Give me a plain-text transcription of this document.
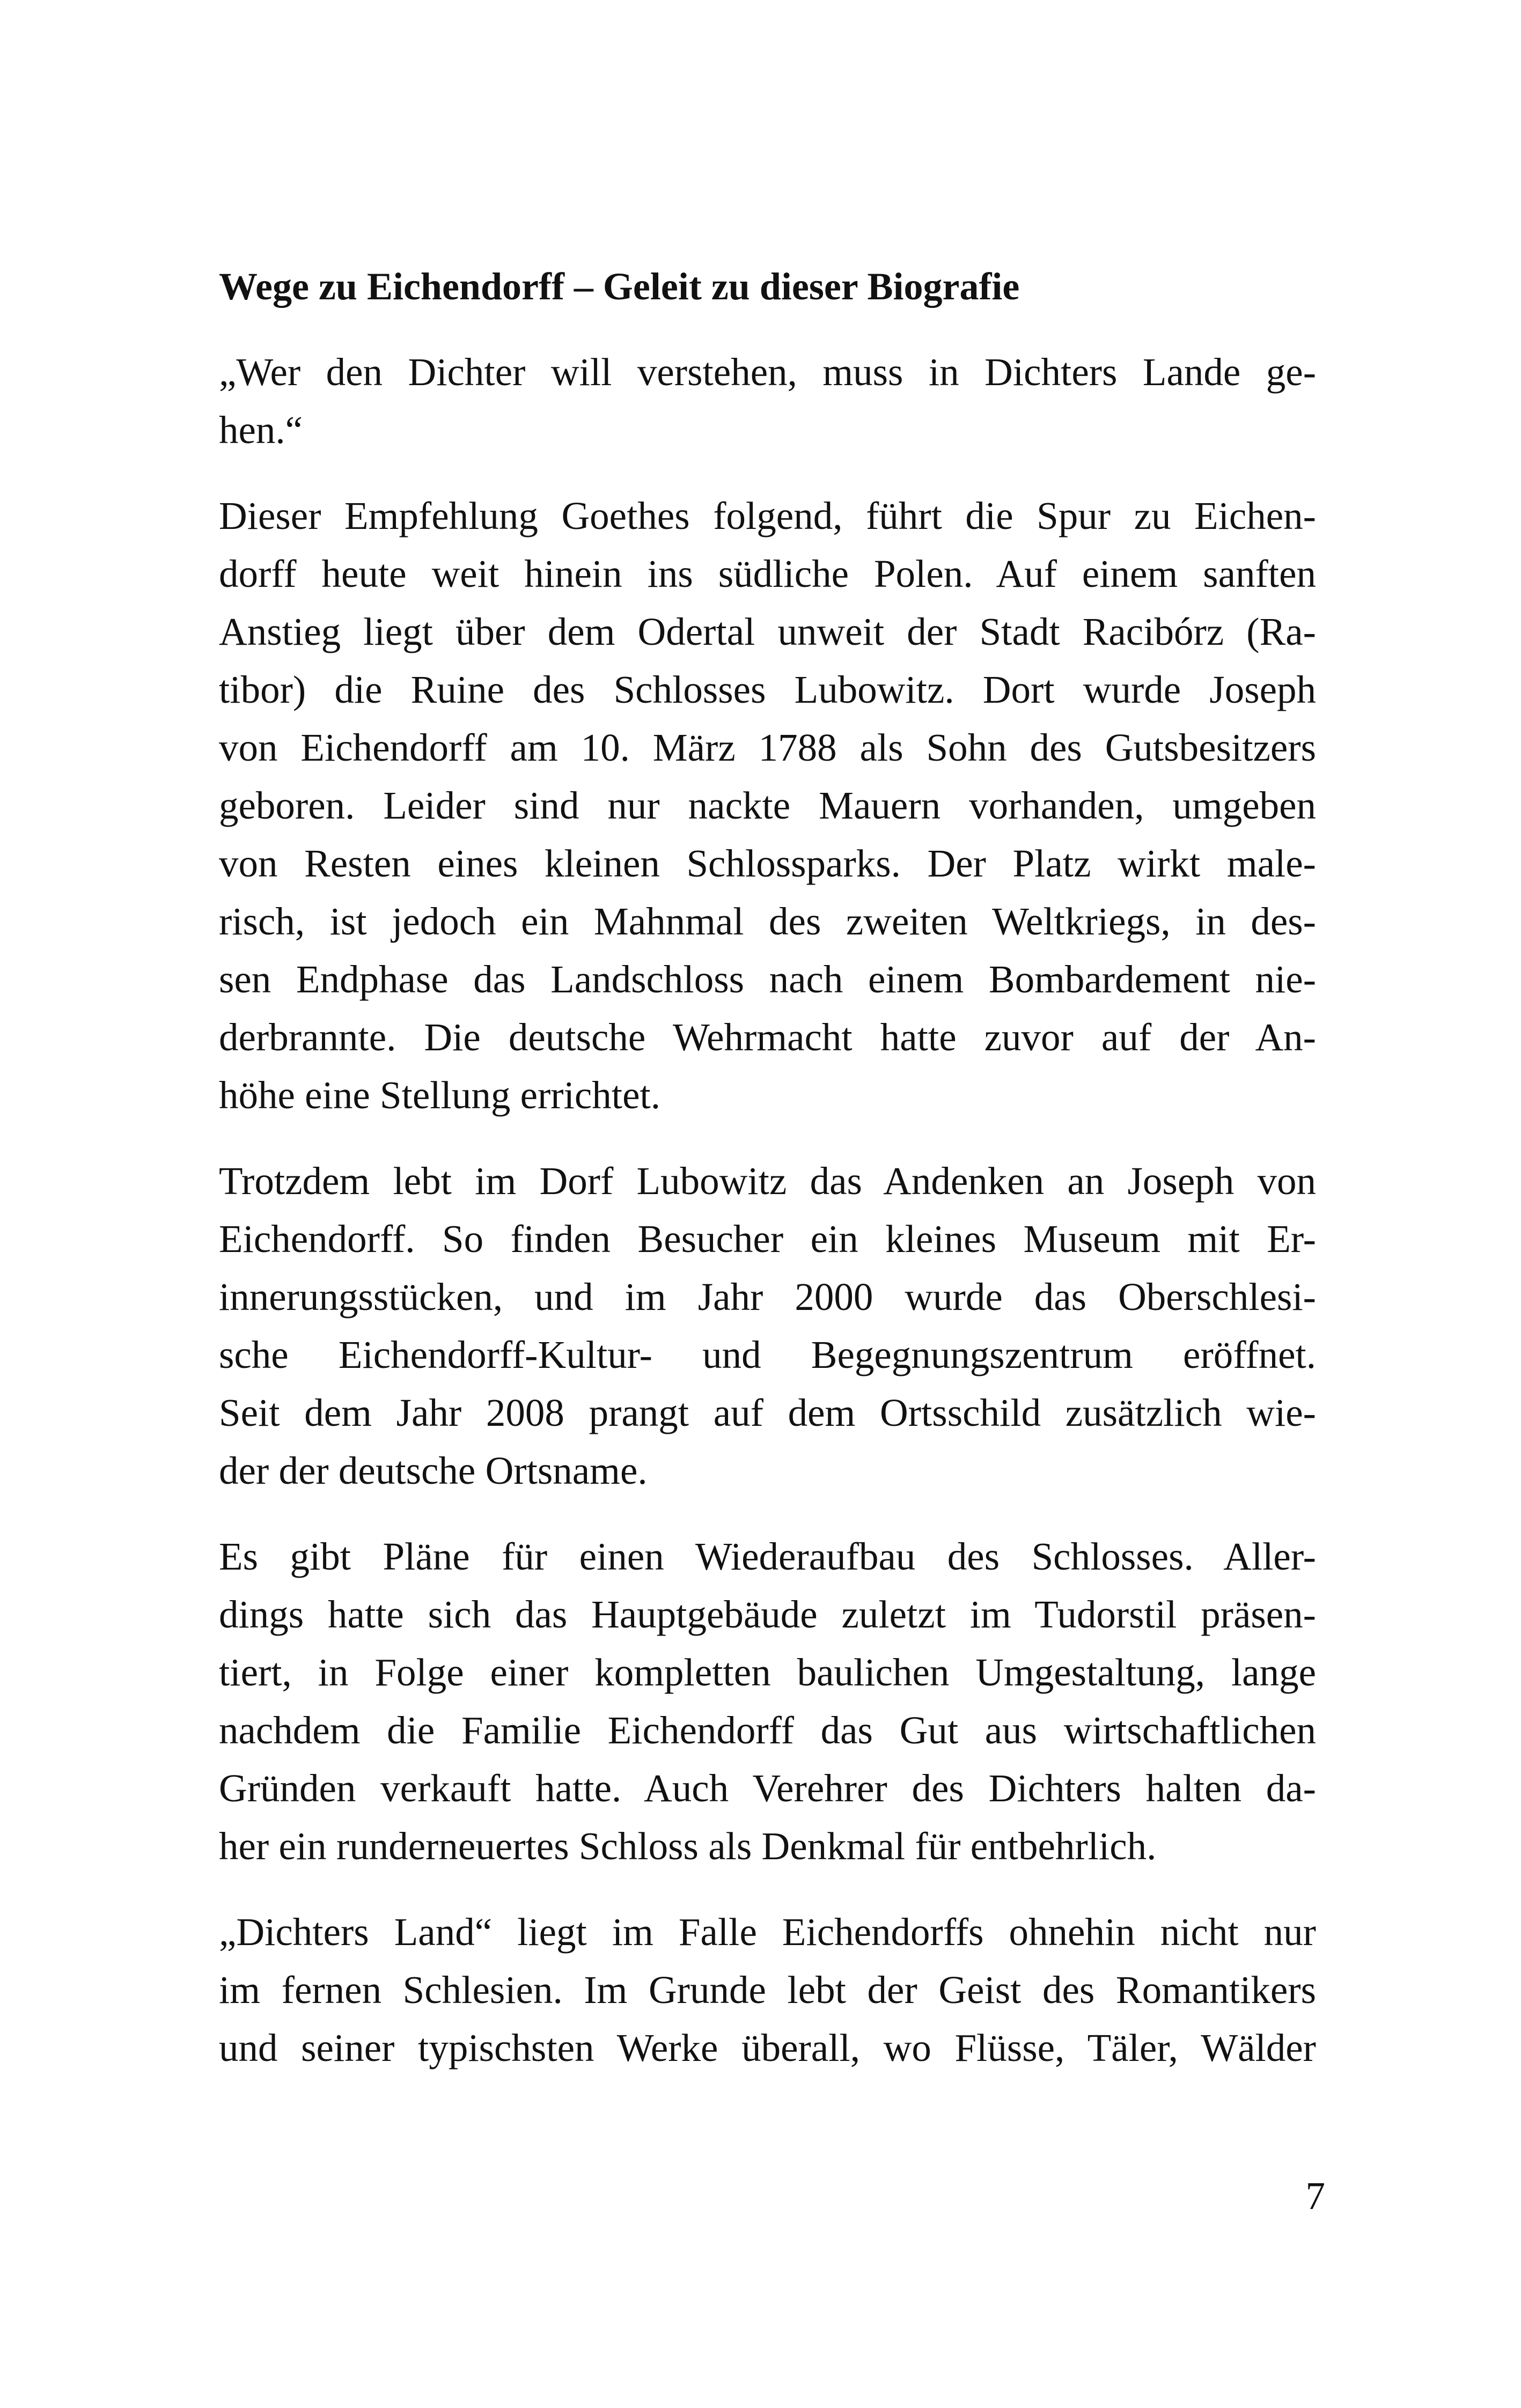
Wege zu Eichendorff – Geleit zu dieser Biografie

„Wer den Dichter will verstehen, muss in Dichters Lande ge-
hen.“

Dieser Empfehlung Goethes folgend, führt die Spur zu Eichen-
dorff heute weit hinein ins südliche Polen. Auf einem sanften
Anstieg liegt über dem Odertal unweit der Stadt Racibórz (Ra-
tibor) die Ruine des Schlosses Lubowitz. Dort wurde Joseph
von Eichendorff am 10. März 1788 als Sohn des Gutsbesitzers
geboren. Leider sind nur nackte Mauern vorhanden, umgeben
von Resten eines kleinen Schlossparks. Der Platz wirkt male-
risch, ist jedoch ein Mahnmal des zweiten Weltkriegs, in des-
sen Endphase das Landschloss nach einem Bombardement nie-
derbrannte. Die deutsche Wehrmacht hatte zuvor auf der An-
höhe eine Stellung errichtet.

Trotzdem lebt im Dorf Lubowitz das Andenken an Joseph von
Eichendorff. So finden Besucher ein kleines Museum mit Er-
innerungsstücken, und im Jahr 2000 wurde das Oberschlesi-
sche Eichendorff-Kultur- und Begegnungszentrum eröffnet.
Seit dem Jahr 2008 prangt auf dem Ortsschild zusätzlich wie-
der der deutsche Ortsname.

Es gibt Pläne für einen Wiederaufbau des Schlosses. Aller-
dings hatte sich das Hauptgebäude zuletzt im Tudorstil präsen-
tiert, in Folge einer kompletten baulichen Umgestaltung, lange
nachdem die Familie Eichendorff das Gut aus wirtschaftlichen
Gründen verkauft hatte. Auch Verehrer des Dichters halten da-
her ein runderneuertes Schloss als Denkmal für entbehrlich.

„Dichters Land“ liegt im Falle Eichendorffs ohnehin nicht nur
im fernen Schlesien. Im Grunde lebt der Geist des Romantikers
und seiner typischsten Werke überall, wo Flüsse, Täler, Wälder

7
